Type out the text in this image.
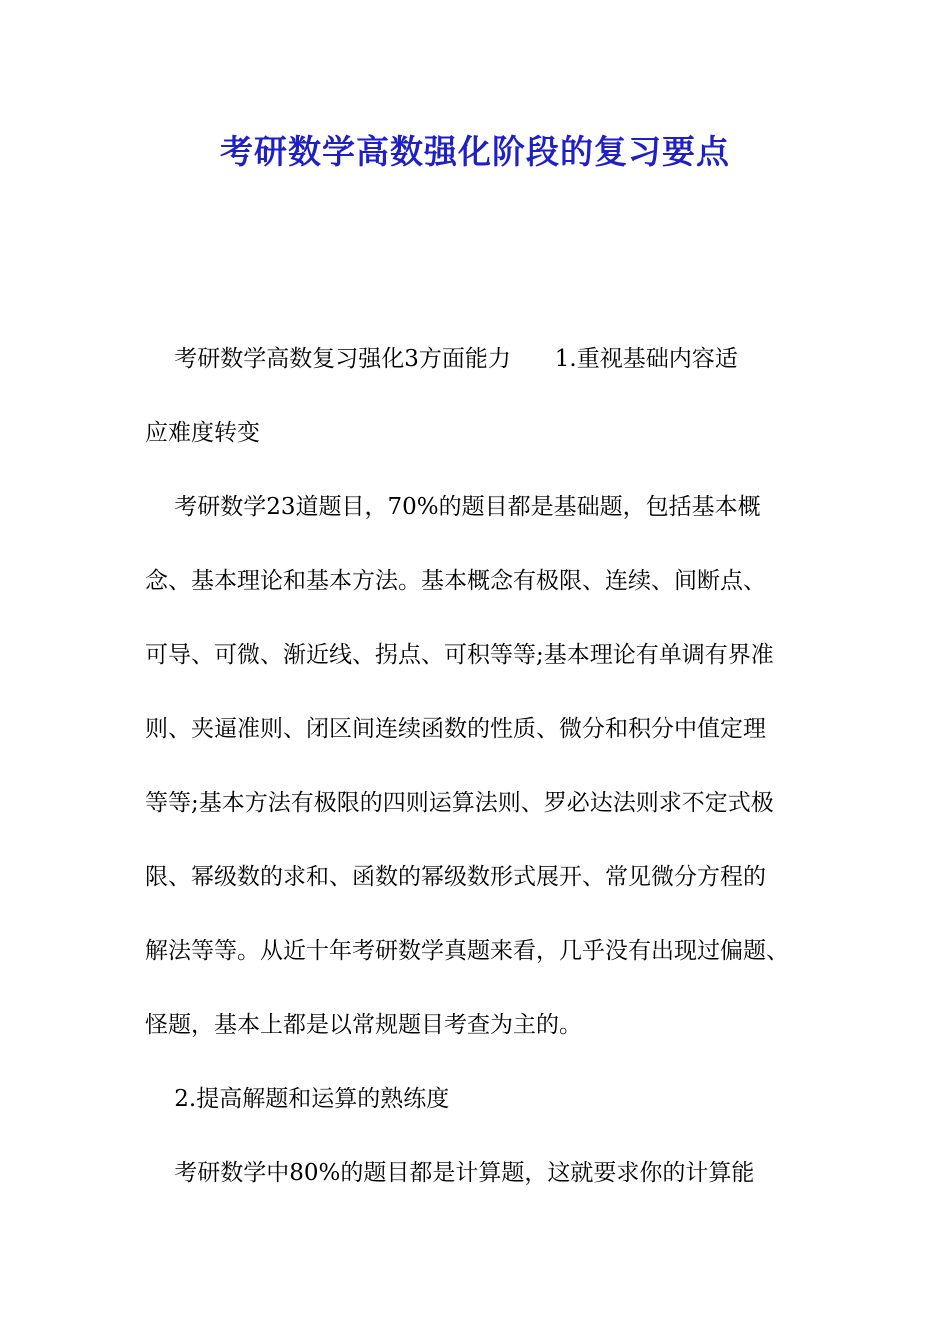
考研数学高数强化阶段的复习要点
考研数学高数复习强化3方面能力      1.重视基础内容适
应难度转变
考研数学23道题目，70%的题目都是基础题，包括基本概
念、基本理论和基本方法。基本概念有极限、连续、间断点、
可导、可微、渐近线、拐点、可积等等;基本理论有单调有界准
则、夹逼准则、闭区间连续函数的性质、微分和积分中值定理
等等;基本方法有极限的四则运算法则、罗必达法则求不定式极
限、幂级数的求和、函数的幂级数形式展开、常见微分方程的
解法等等。从近十年考研数学真题来看，几乎没有出现过偏题、
怪题，基本上都是以常规题目考查为主的。
2.提高解题和运算的熟练度
考研数学中80%的题目都是计算题，这就要求你的计算能
